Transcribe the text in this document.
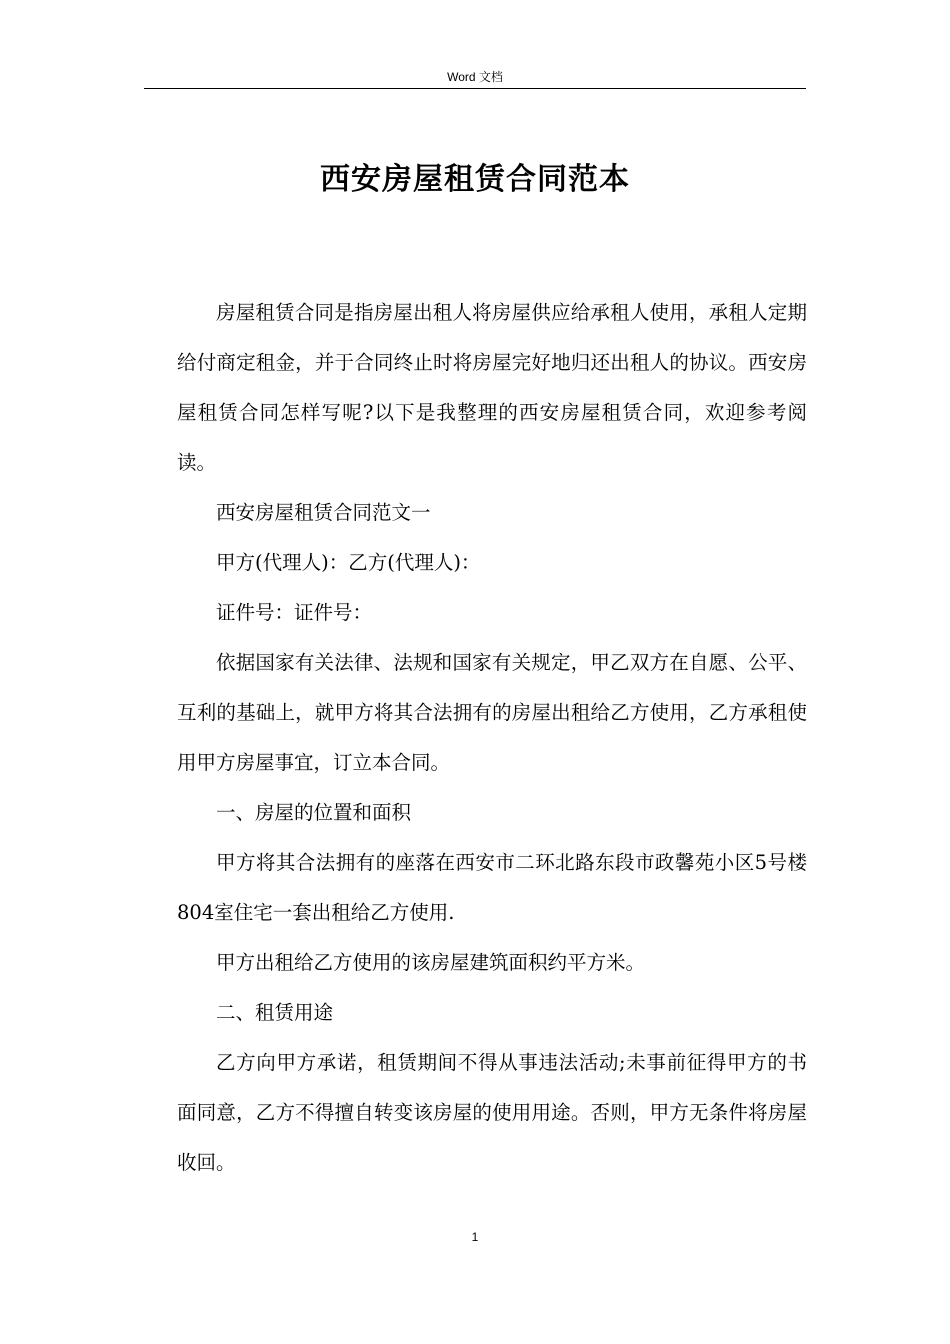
Word 文档
西安房屋租赁合同范本

房屋租赁合同是指房屋出租人将房屋供应给承租人使用，承租人定期给付商定租金，并于合同终止时将房屋完好地归还出租人的协议。西安房屋租赁合同怎样写呢?以下是我整理的西安房屋租赁合同，欢迎参考阅读。

西安房屋租赁合同范文一

甲方(代理人)：乙方(代理人)：

证件号：证件号：

依据国家有关法律、法规和国家有关规定，甲乙双方在自愿、公平、互利的基础上，就甲方将其合法拥有的房屋出租给乙方使用，乙方承租使用甲方房屋事宜，订立本合同。

一、房屋的位置和面积

甲方将其合法拥有的座落在西安市二环北路东段市政馨苑小区5号楼804室住宅一套出租给乙方使用.

甲方出租给乙方使用的该房屋建筑面积约平方米。

二、租赁用途

乙方向甲方承诺，租赁期间不得从事违法活动;未事前征得甲方的书面同意，乙方不得擅自转变该房屋的使用用途。否则，甲方无条件将房屋收回。

1
